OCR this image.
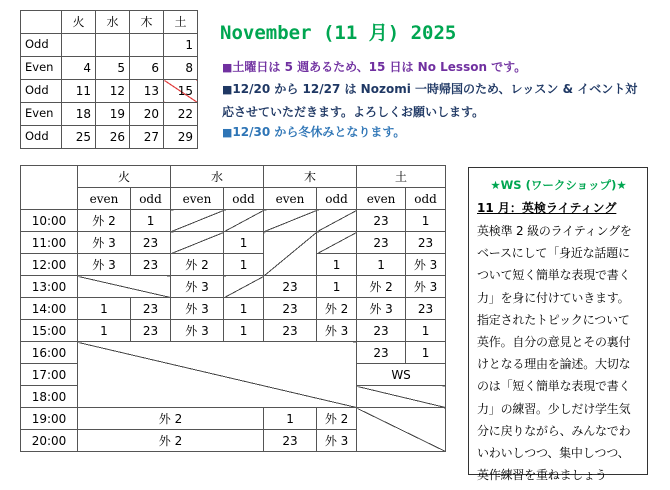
	火	水	木	土
Odd				1
Even	4	5	6	8
Odd	11	12	13	15
Even	18	19	20	22
Odd	25	26	27	29
November (11 月) 2025
■土曜日は 5 週あるため、15 日は No Lesson です。
■12/20 から 12/27 は Nozomi 一時帰国のため、レッスン & イベント対応させていただきます。よろしくお願いします。
■12/30 から冬休みとなります。
	火		水		木		土	
	even	odd	even	odd	even	odd	even	odd
10:00	外 2	1					23	1
11:00	外 3	23		1			23	23
12:00	外 3	23	外 2	1		1	1	外 3
13:00			外 3		23	1	外 2	外 3
14:00	1	23	外 3	1	23	外 2	外 3	23
15:00	1	23	外 3	1	23	外 3	23	1
16:00							23	1
17:00							WS	
18:00								
19:00	外 2				1	外 2		
20:00	外 2				23	外 3		
★WS (ワークショップ)★
11 月：英検ライティング
英検準 2 級のライティングをベースにして「身近な話題について短く簡単な表現で書く力」を身に付けていきます。指定されたトピックについて英作。自分の意見とその裏付けとなる理由を論述。大切なのは「短く簡単な表現で書く力」の練習。少しだけ学生気分に戻りながら、みんなでわいわいしつつ、集中しつつ、英作練習を重ねましょう
